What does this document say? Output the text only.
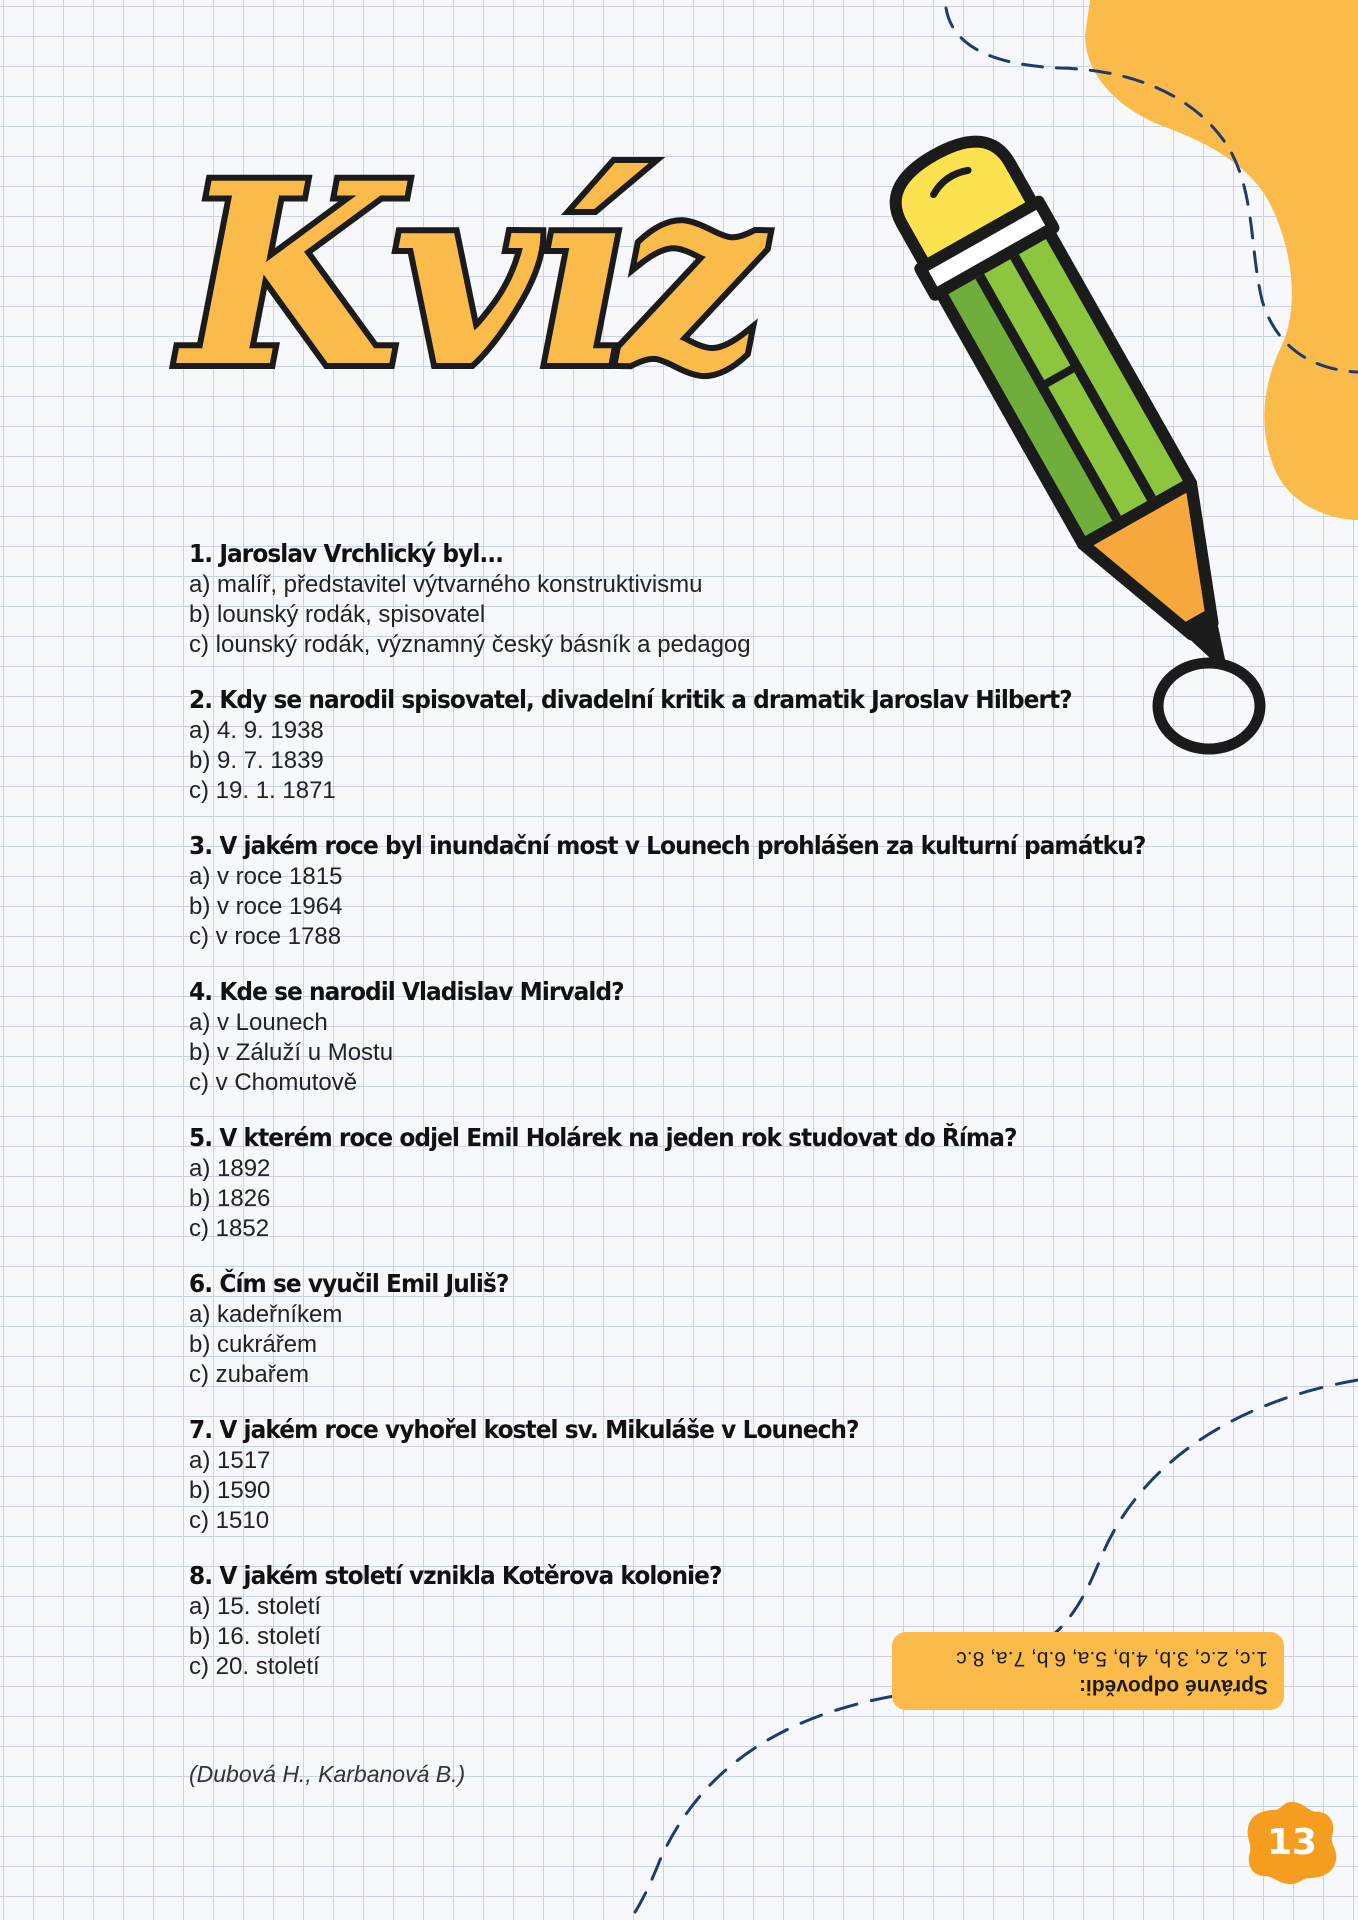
Kvíz
1. Jaroslav Vrchlický byl...
a) malíř, představitel výtvarného konstruktivismu
b) lounský rodák, spisovatel
c) lounský rodák, významný český básník a pedagog
2. Kdy se narodil spisovatel, divadelní kritik a dramatik Jaroslav Hilbert?
a) 4. 9. 1938
b) 9. 7. 1839
c) 19. 1. 1871
3. V jakém roce byl inundační most v Lounech prohlášen za kulturní památku?
a) v roce 1815
b) v roce 1964
c) v roce 1788
4. Kde se narodil Vladislav Mirvald?
a) v Lounech
b) v Záluží u Mostu
c) v Chomutově
5. V kterém roce odjel Emil Holárek na jeden rok studovat do Říma?
a) 1892
b) 1826
c) 1852
6. Čím se vyučil Emil Juliš?
a) kadeřníkem
b) cukrářem
c) zubařem
7. V jakém roce vyhořel kostel sv. Mikuláše v Lounech?
a) 1517
b) 1590
c) 1510
8. V jakém století vznikla Kotěrova kolonie?
a) 15. století
b) 16. století
c) 20. století
(Dubová H., Karbanová B.)
Správné odpovědi:
1.c, 2.c, 3.b, 4.b, 5.a, 6.b, 7.a, 8.c
13
